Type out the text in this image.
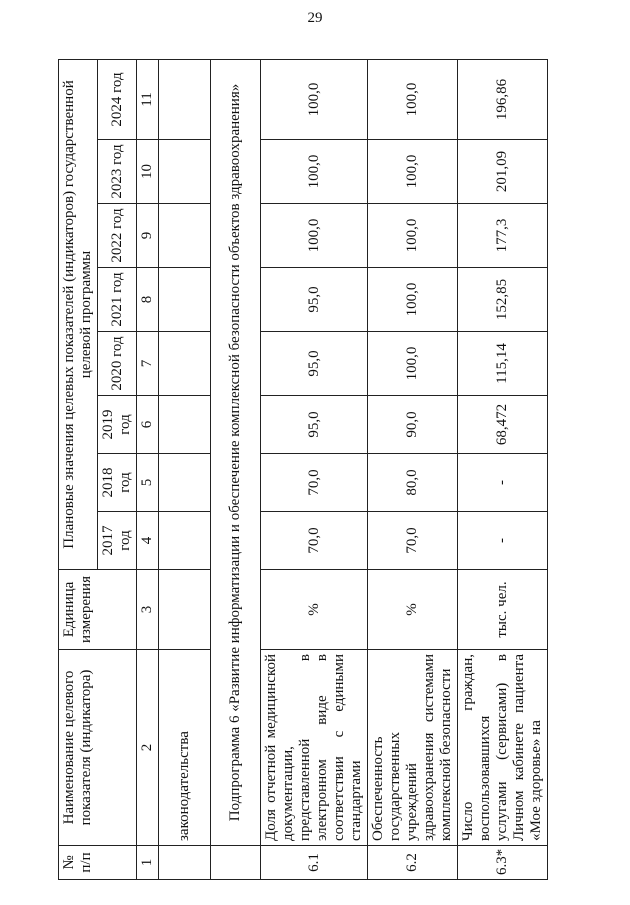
29
№ п/п	Наименование целевого показателя (индикатора)	Единица измерения	Плановые значения целевых показателей (индикаторов) государственной целевой программы							
			2017 год	2018 год	2019 год	2020 год	2021 год	2022 год	2023 год	2024 год
1	2	3	4	5	6	7	8	9	10	11
	законодательства									
	Подпрограмма 6 «Развитие информатизации и обеспечение комплексной безопасности объектов здравоохранения»									
6.1	Доля отчетной медицинской документации, представленной в электронном виде в соответствии с едиными стандартами	%	70,0	70,0	95,0	95,0	95,0	100,0	100,0	100,0
6.2	Обеспеченность государственных учреждений здравоохранения системами комплексной безопасности	%	70,0	80,0	90,0	100,0	100,0	100,0	100,0	100,0
6.3*	Число граждан, воспользовавшихся услугами (сервисами) в Личном кабинете пациента «Мое здоровье» на	тыс. чел.	-	-	68,472	115,14	152,85	177,3	201,09	196,86
